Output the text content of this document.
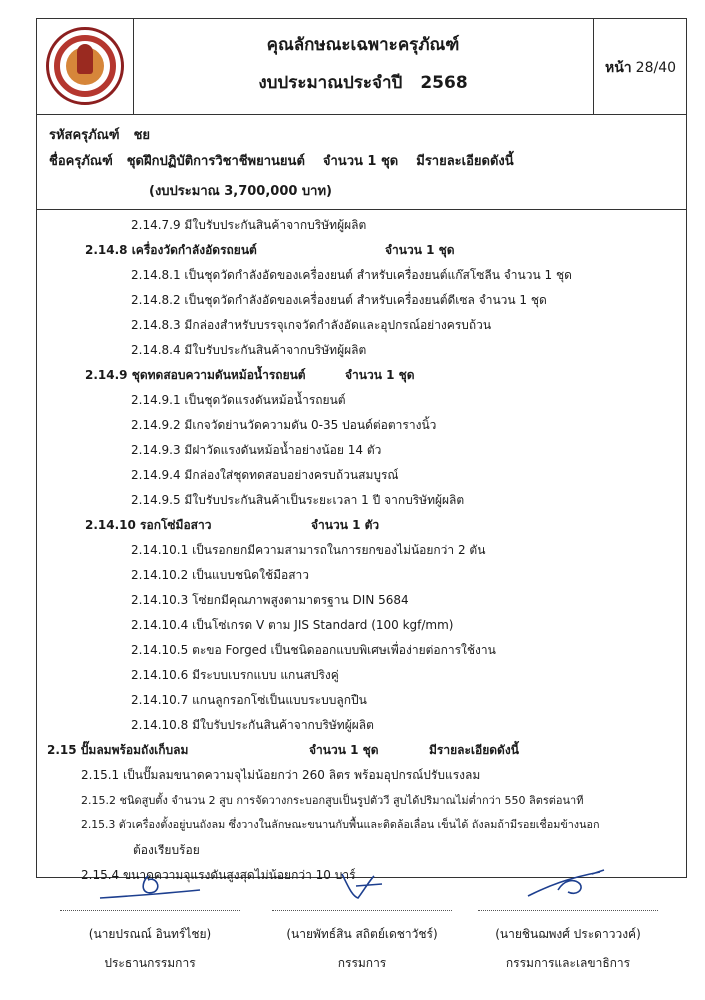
คุณลักษณะเฉพาะครุภัณฑ์
งบประมาณประจำปี 2568
หน้า 28/40
รหัสครุภัณฑ์ ชย
ชื่อครุภัณฑ์ ชุดฝึกปฏิบัติการวิชาชีพยานยนต์ จำนวน 1 ชุด มีรายละเอียดดังนี้
(งบประมาณ 3,700,000 บาท)
2.14.7.9 มีใบรับประกันสินค้าจากบริษัทผู้ผลิต
2.14.8 เครื่องวัดกำลังอัดรถยนต์	จำนวน 1 ชุด
2.14.8.1 เป็นชุดวัดกำลังอัดของเครื่องยนต์ สำหรับเครื่องยนต์แก๊สโซลีน จำนวน 1 ชุด
2.14.8.2 เป็นชุดวัดกำลังอัดของเครื่องยนต์ สำหรับเครื่องยนต์ดีเซล จำนวน 1 ชุด
2.14.8.3 มีกล่องสำหรับบรรจุเกจวัดกำลังอัดและอุปกรณ์อย่างครบถ้วน
2.14.8.4 มีใบรับประกันสินค้าจากบริษัทผู้ผลิต
2.14.9 ชุดทดสอบความดันหม้อน้ำรถยนต์	จำนวน 1 ชุด
2.14.9.1 เป็นชุดวัดแรงดันหม้อน้ำรถยนต์
2.14.9.2 มีเกจวัดย่านวัดความดัน 0-35 ปอนด์ต่อตารางนิ้ว
2.14.9.3 มีฝาวัดแรงดันหม้อน้ำอย่างน้อย 14 ตัว
2.14.9.4 มีกล่องใส่ชุดทดสอบอย่างครบถ้วนสมบูรณ์
2.14.9.5 มีใบรับประกันสินค้าเป็นระยะเวลา 1 ปี จากบริษัทผู้ผลิต
2.14.10 รอกโซ่มือสาว	จำนวน 1 ตัว
2.14.10.1 เป็นรอกยกมีความสามารถในการยกของไม่น้อยกว่า 2 ตัน
2.14.10.2 เป็นแบบชนิดใช้มือสาว
2.14.10.3 โซ่ยกมีคุณภาพสูงตามาตรฐาน DIN 5684
2.14.10.4 เป็นโซ่เกรด V ตาม JIS Standard (100 kgf/mm)
2.14.10.5 ตะขอ Forged เป็นชนิดออกแบบพิเศษเพื่อง่ายต่อการใช้งาน
2.14.10.6 มีระบบเบรกแบบ แกนสปริงคู่
2.14.10.7 แกนลูกรอกโซ่เป็นแบบระบบลูกปืน
2.14.10.8 มีใบรับประกันสินค้าจากบริษัทผู้ผลิต
2.15 ปั๊มลมพร้อมถังเก็บลม	จำนวน 1 ชุด	มีรายละเอียดดังนี้
2.15.1 เป็นปั๊มลมขนาดความจุไม่น้อยกว่า 260 ลิตร พร้อมอุปกรณ์ปรับแรงลม
2.15.2 ชนิดสูบตั้ง จำนวน 2 สูบ การจัดวางกระบอกสูบเป็นรูปตัววี สูบได้ปริมาณไม่ต่ำกว่า 550 ลิตรต่อนาที
2.15.3 ตัวเครื่องตั้งอยู่บนถังลม ซึ่งวางในลักษณะขนานกับพื้นและติดล้อเลื่อน เข็นได้ ถังลมถ้ามีรอยเชื่อมข้างนอก
ต้องเรียบร้อย
2.15.4 ขนาดความจุแรงดันสูงสุดไม่น้อยกว่า 10 บาร์
(นายปรณณ์ อินทร์ไชย)
ประธานกรรมการ
(นายพัทธ์สิน สถิตย์เดชาวัชร์)
กรรมการ
(นายชินฌพงศ์ ประดาววงค์)
กรรมการและเลขาธิการ
